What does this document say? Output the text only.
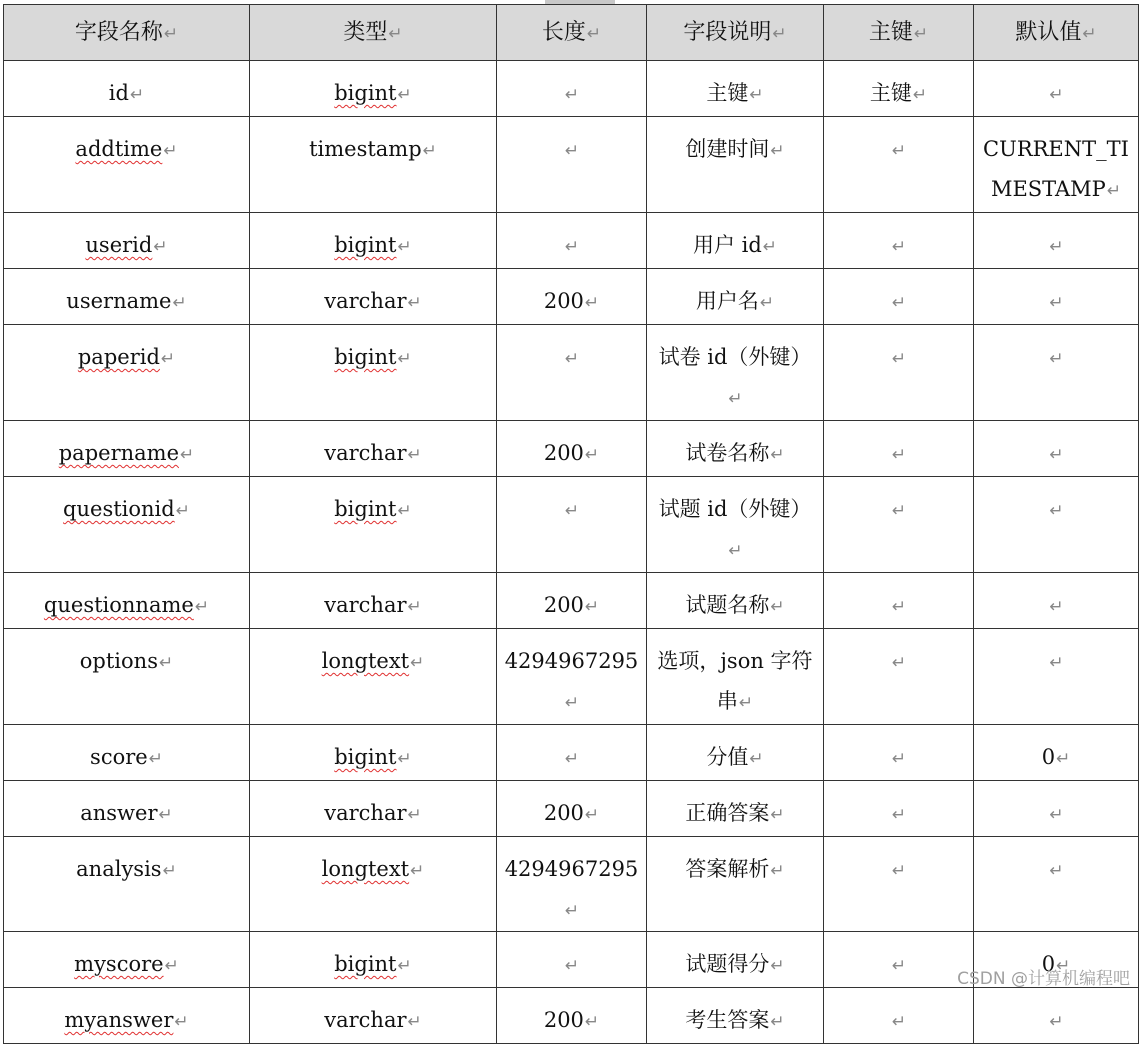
字段名称 ↵	类型 ↵	长度 ↵	字段说明 ↵	主键 ↵	默认值 ↵
id ↵	bigint ↵	↵	主键 ↵	主键 ↵	↵
addtime ↵	timestamp ↵	↵	创建时间 ↵	↵	CURRENT_TIMESTAMP ↵
userid ↵	bigint ↵	↵	用户 id ↵	↵	↵
username ↵	varchar ↵	200 ↵	用户名 ↵	↵	↵
paperid ↵	bigint ↵	↵	试卷 id（外键） ↵	↵	↵
papername ↵	varchar ↵	200 ↵	试卷名称 ↵	↵	↵
questionid ↵	bigint ↵	↵	试题 id（外键） ↵	↵	↵
questionname ↵	varchar ↵	200 ↵	试题名称 ↵	↵	↵
options ↵	longtext ↵	4294967295 ↵	选项，json 字符串 ↵	↵	↵
score ↵	bigint ↵	↵	分值 ↵	↵	0 ↵
answer ↵	varchar ↵	200 ↵	正确答案 ↵	↵	↵
analysis ↵	longtext ↵	4294967295 ↵	答案解析 ↵	↵	↵
myscore ↵	bigint ↵	↵	试题得分 ↵	↵	0 ↵
myanswer ↵	varchar ↵	200 ↵	考生答案 ↵	↵	↵
CSDN @计算机编程吧
